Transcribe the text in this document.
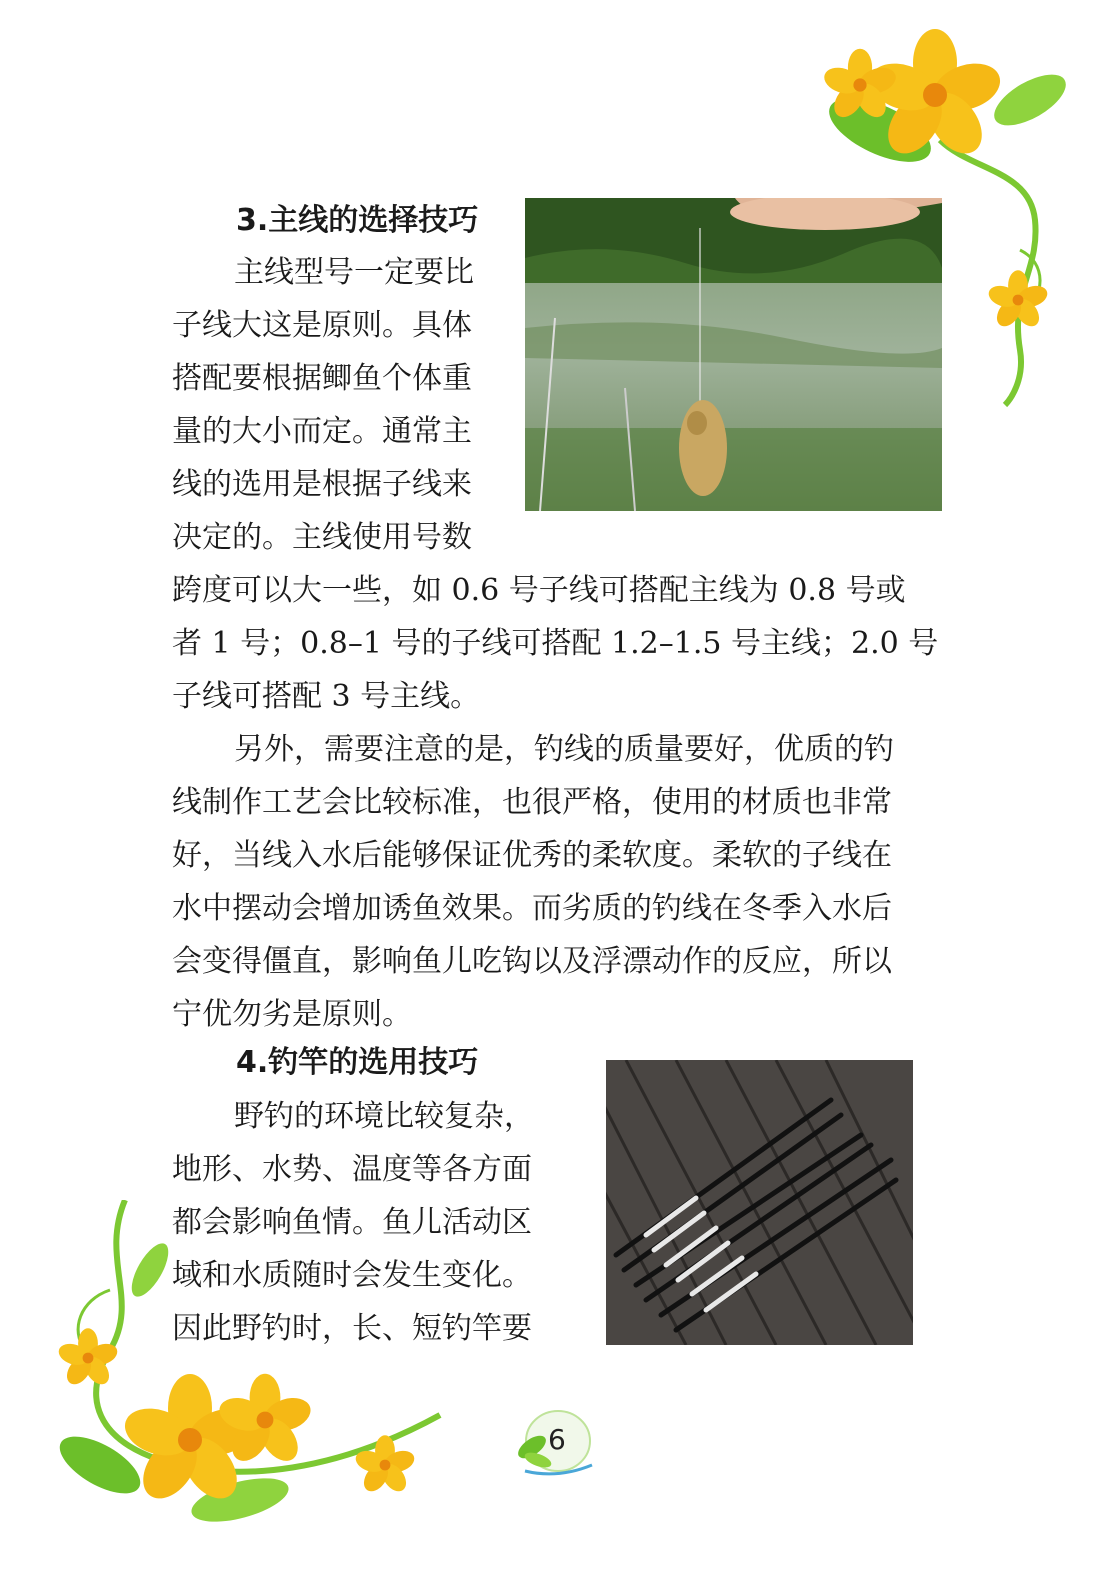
3.主线的选择技巧
主线型号一定要比
子线大这是原则。具体
搭配要根据鲫鱼个体重
量的大小而定。通常主
线的选用是根据子线来
决定的。主线使用号数
跨度可以大一些，如 0.6 号子线可搭配主线为 0.8 号或
者 1 号；0.8–1 号的子线可搭配 1.2–1.5 号主线；2.0 号
子线可搭配 3 号主线。
另外，需要注意的是，钓线的质量要好，优质的钓
线制作工艺会比较标准，也很严格，使用的材质也非常
好，当线入水后能够保证优秀的柔软度。柔软的子线在
水中摆动会增加诱鱼效果。而劣质的钓线在冬季入水后
会变得僵直，影响鱼儿吃钩以及浮漂动作的反应，所以
宁优勿劣是原则。
4.钓竿的选用技巧
野钓的环境比较复杂，
地形、水势、温度等各方面
都会影响鱼情。鱼儿活动区
域和水质随时会发生变化。
因此野钓时，长、短钓竿要
6
